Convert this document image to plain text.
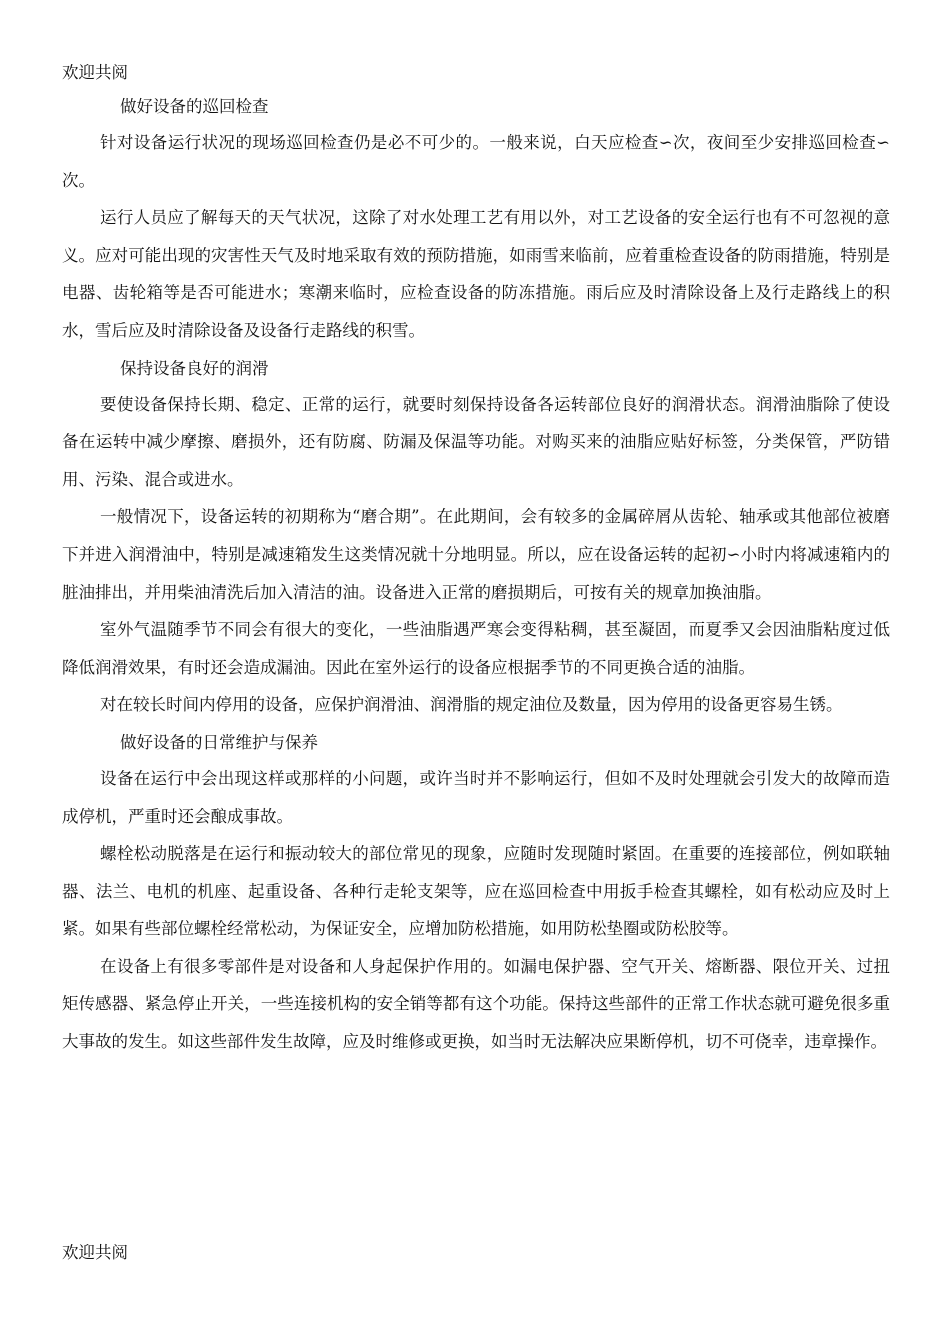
欢迎共阅

做好设备的巡回检查

针对设备运行状况的现场巡回检查仍是必不可少的。一般来说，白天应检查∽次，夜间至少安排巡回检查∽次。

运行人员应了解每天的天气状况，这除了对水处理工艺有用以外，对工艺设备的安全运行也有不可忽视的意义。应对可能出现的灾害性天气及时地采取有效的预防措施，如雨雪来临前，应着重检查设备的防雨措施，特别是电器、齿轮箱等是否可能进水；寒潮来临时，应检查设备的防冻措施。雨后应及时清除设备上及行走路线上的积水，雪后应及时清除设备及设备行走路线的积雪。

保持设备良好的润滑

要使设备保持长期、稳定、正常的运行，就要时刻保持设备各运转部位良好的润滑状态。润滑油脂除了使设备在运转中减少摩擦、磨损外，还有防腐、防漏及保温等功能。对购买来的油脂应贴好标签，分类保管，严防错用、污染、混合或进水。

一般情况下，设备运转的初期称为“磨合期”。在此期间，会有较多的金属碎屑从齿轮、轴承或其他部位被磨下并进入润滑油中，特别是减速箱发生这类情况就十分地明显。所以，应在设备运转的起初∽小时内将减速箱内的脏油排出，并用柴油清洗后加入清洁的油。设备进入正常的磨损期后，可按有关的规章加换油脂。

室外气温随季节不同会有很大的变化，一些油脂遇严寒会变得粘稠，甚至凝固，而夏季又会因油脂粘度过低降低润滑效果，有时还会造成漏油。因此在室外运行的设备应根据季节的不同更换合适的油脂。

对在较长时间内停用的设备，应保护润滑油、润滑脂的规定油位及数量，因为停用的设备更容易生锈。

做好设备的日常维护与保养

设备在运行中会出现这样或那样的小问题，或许当时并不影响运行，但如不及时处理就会引发大的故障而造成停机，严重时还会酿成事故。

螺栓松动脱落是在运行和振动较大的部位常见的现象，应随时发现随时紧固。在重要的连接部位，例如联轴器、法兰、电机的机座、起重设备、各种行走轮支架等，应在巡回检查中用扳手检查其螺栓，如有松动应及时上紧。如果有些部位螺栓经常松动，为保证安全，应增加防松措施，如用防松垫圈或防松胶等。

在设备上有很多零部件是对设备和人身起保护作用的。如漏电保护器、空气开关、熔断器、限位开关、过扭矩传感器、紧急停止开关，一些连接机构的安全销等都有这个功能。保持这些部件的正常工作状态就可避免很多重大事故的发生。如这些部件发生故障，应及时维修或更换，如当时无法解决应果断停机，切不可侥幸，违章操作。

欢迎共阅
